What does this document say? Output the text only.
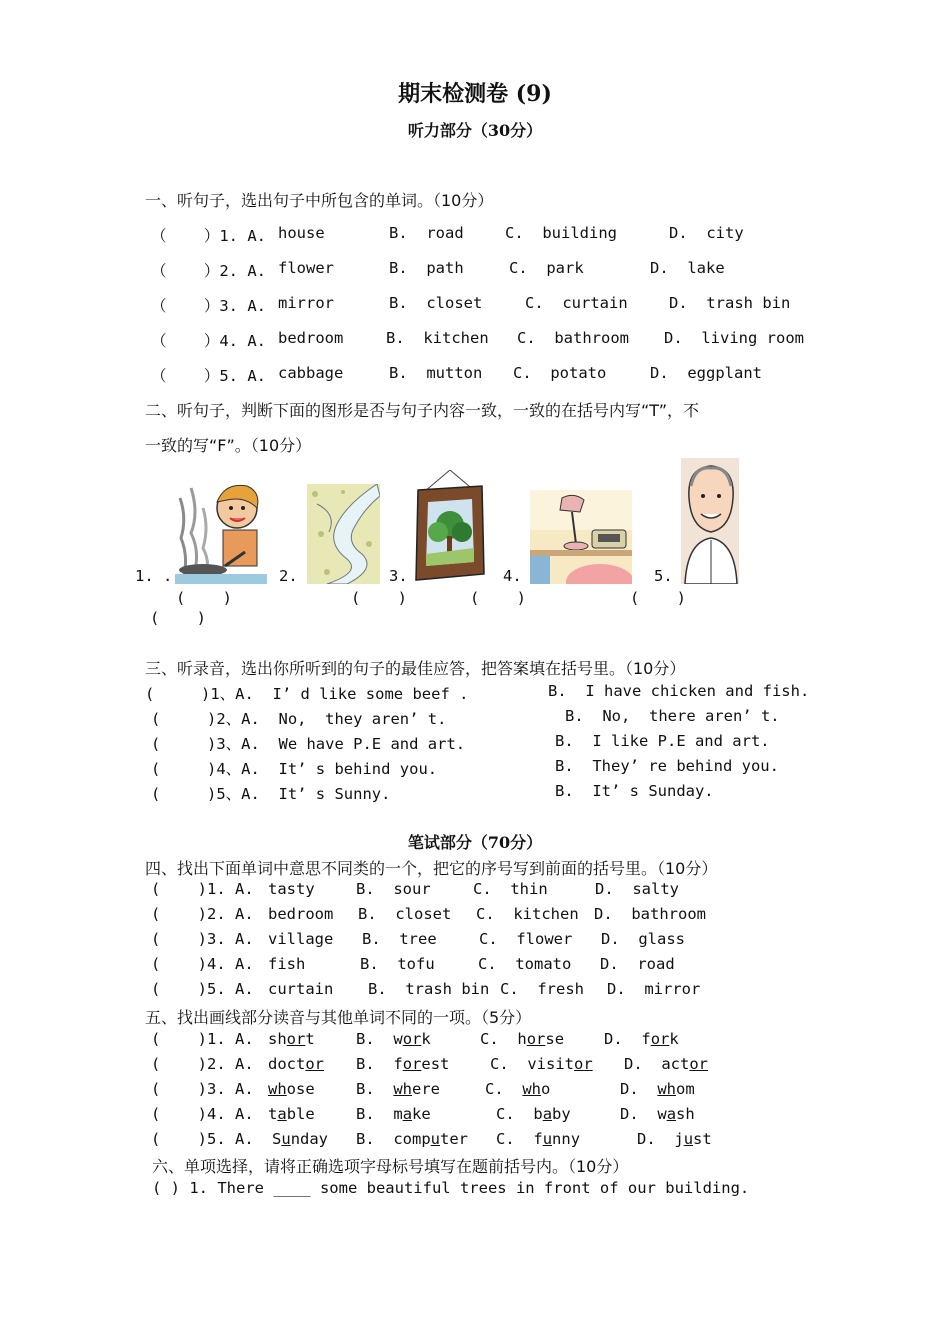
期末检测卷 (9)
听力部分（30分）
一、听句子，选出句子中所包含的单词。（10分）
（    ）1. A. house	B.  road	C.  building	D.  city
（    ）2. A. flower	B.  path	C.  park	D.  lake
（    ）3. A. mirror	B.  closet	C.  curtain	D.  trash bin
（    ）4. A. bedroom	B.  kitchen C.  bathroom D.  living room
（    ）5. A. cabbage	B.  mutton C.  potato	D.  eggplant
二、听句子，判断下面的图形是否与句子内容一致，一致的在括号内写“T”，不
一致的写“F”。（10分）
1. .	2.	3.	4.	5.
(    )	(    )	(    )	(    )
(    )
三、听录音，选出你所听到的句子的最佳应答，把答案填在括号里。（10分）
(     )1、A.  I’ d like some beef .	B.  I have chicken and fish.
(     )2、A.  No,  they aren’ t.	B.  No,  there aren’ t.
(     )3、A.  We have P.E and art.	B.  I like P.E and art.
(     )4、A.  It’ s behind you.	B.  They’ re behind you.
(     )5、A.  It’ s Sunny.	B.  It’ s Sunday.
笔试部分（70分）
四、找出下面单词中意思不同类的一个，把它的序号写到前面的括号里。（10分）
(    )1. A. tasty	B.  sour	C.  thin	D.  salty
(    )2. A. bedroom B.  closet C.  kitchen D.  bathroom
(    )3. A. village B.  tree	C.  flower D.  glass
(    )4. A. fish	B.  tofu	C.  tomato D.  road
(    )5. A. curtain B.  trash bin C.  fresh D.  mirror
五、找出画线部分读音与其他单词不同的一项。（5分）
(    )1. A. short	B. work	C. horse	D. fork
(    )2. A. doctor B. forest	C. visitor D. actor
(    )3. A. whose	B. where	C. who	D. whom
(    )4. A. table	B. make	C. baby	D. wash
(    )5. A. Sunday B. computer C. funny	D. just
六、单项选择，请将正确选项字母标号填写在题前括号内。（10分）
( ) 1. There ____ some beautiful trees in front of our building.
